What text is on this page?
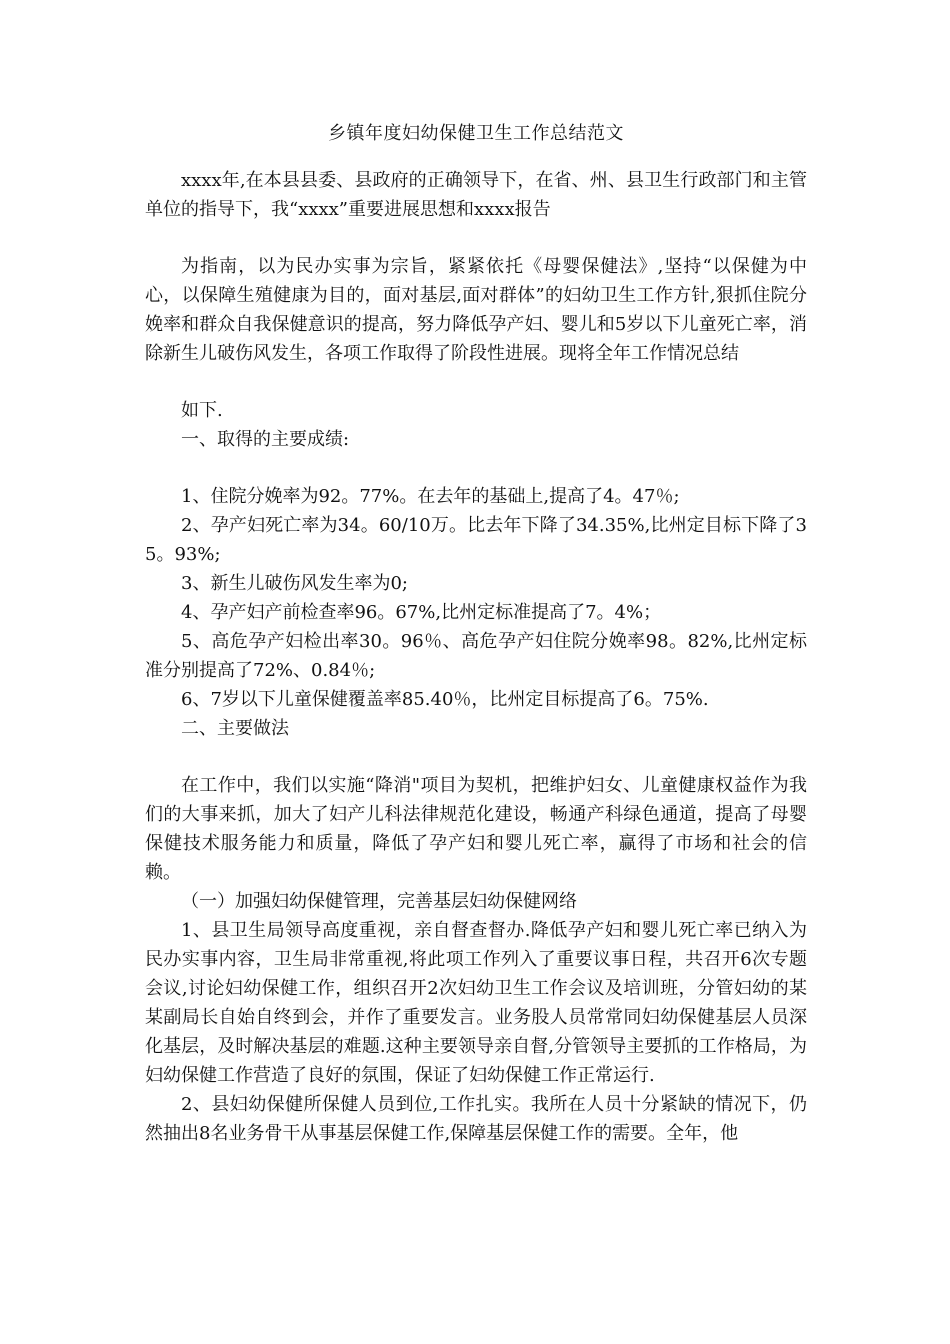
乡镇年度妇幼保健卫生工作总结范文

xxxx年,在本县县委、县政府的正确领导下，在省、州、县卫生行政部门和主管单位的指导下，我“xxxx”重要进展思想和xxxx报告

为指南，以为民办实事为宗旨，紧紧依托《母婴保健法》,坚持“以保健为中心，以保障生殖健康为目的，面对基层,面对群体”的妇幼卫生工作方针,狠抓住院分娩率和群众自我保健意识的提高，努力降低孕产妇、婴儿和5岁以下儿童死亡率，消除新生儿破伤风发生，各项工作取得了阶段性进展。现将全年工作情况总结

如下.

一、取得的主要成绩:

1、住院分娩率为92。77%。在去年的基础上,提高了4。47％;

2、孕产妇死亡率为34。60/10万。比去年下降了34.35%,比州定目标下降了35。93%;

3、新生儿破伤风发生率为0;

4、孕产妇产前检查率96。67%,比州定标准提高了7。4%；

5、高危孕产妇检出率30。96％、高危孕产妇住院分娩率98。82%,比州定标准分别提高了72%、0.84％;

6、7岁以下儿童保健覆盖率85.40％，比州定目标提高了6。75%.

二、主要做法

在工作中，我们以实施“降消"项目为契机，把维护妇女、儿童健康权益作为我们的大事来抓，加大了妇产儿科法律规范化建设，畅通产科绿色通道，提高了母婴保健技术服务能力和质量，降低了孕产妇和婴儿死亡率，赢得了市场和社会的信赖。

（一）加强妇幼保健管理，完善基层妇幼保健网络

1、县卫生局领导高度重视，亲自督查督办.降低孕产妇和婴儿死亡率已纳入为民办实事内容，卫生局非常重视,将此项工作列入了重要议事日程，共召开6次专题会议,讨论妇幼保健工作，组织召开2次妇幼卫生工作会议及培训班，分管妇幼的某某副局长自始自终到会，并作了重要发言。业务股人员常常同妇幼保健基层人员深化基层，及时解决基层的难题.这种主要领导亲自督,分管领导主要抓的工作格局，为妇幼保健工作营造了良好的氛围，保证了妇幼保健工作正常运行.

2、县妇幼保健所保健人员到位,工作扎实。我所在人员十分紧缺的情况下，仍然抽出8名业务骨干从事基层保健工作,保障基层保健工作的需要。全年，他
